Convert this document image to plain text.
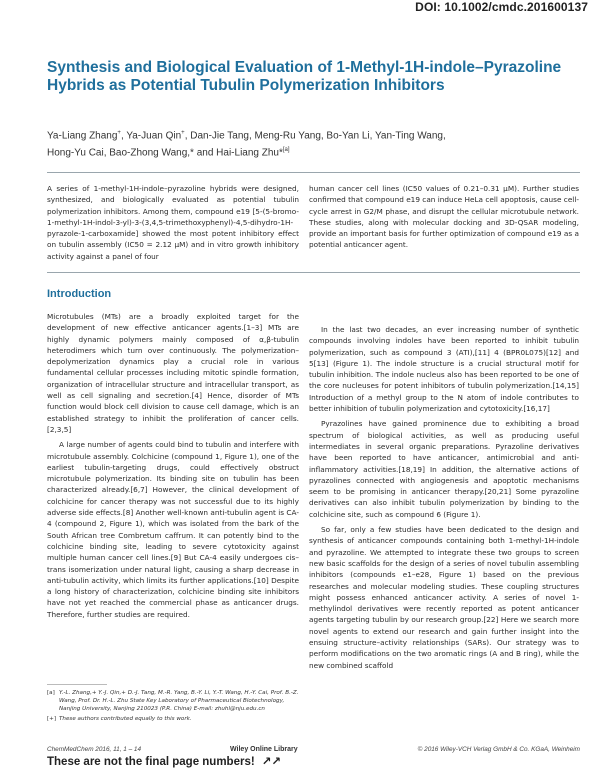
DOI: 10.1002/cmdc.201600137
Synthesis and Biological Evaluation of 1-Methyl-1H-indole–Pyrazoline Hybrids as Potential Tubulin Polymerization Inhibitors
Ya-Liang Zhang+, Ya-Juan Qin+, Dan-Jie Tang, Meng-Ru Yang, Bo-Yan Li, Yan-Ting Wang,
Hong-Yu Cai, Bao-Zhong Wang,* and Hai-Liang Zhu*[a]

A series of 1-methyl-1H-indole–pyrazoline hybrids were designed, synthesized, and biologically evaluated as potential tubulin polymerization inhibitors. Among them, compound e19 [5-(5-bromo-1-methyl-1H-indol-3-yl)-3-(3,4,5-trimethoxyphenyl)-4,5-dihydro-1H-pyrazole-1-carboxamide] showed the most potent inhibitory effect on tubulin assembly (IC50 = 2.12 μM) and in vitro growth inhibitory activity against a panel of four

human cancer cell lines (IC50 values of 0.21–0.31 μM). Further studies confirmed that compound e19 can induce HeLa cell apoptosis, cause cell-cycle arrest in G2/M phase, and disrupt the cellular microtubule network. These studies, along with molecular docking and 3D-QSAR modeling, provide an important basis for further optimization of compound e19 as a potential anticancer agent.

Introduction

Microtubules (MTs) are a broadly exploited target for the development of new effective anticancer agents.[1–3] MTs are highly dynamic polymers mainly composed of α,β-tubulin heterodimers which turn over continuously. The polymerization–depolymerization dynamics play a crucial role in various fundamental cellular processes including mitotic spindle formation, organization of intracellular structure and intracellular transport, as well as cell signaling and secretion.[4] Hence, disorder of MTs function would block cell division to cause cell damage, which is an established strategy to inhibit the proliferation of cancer cells.[2,3,5]

A large number of agents could bind to tubulin and interfere with microtubule assembly. Colchicine (compound 1, Figure 1), one of the earliest tubulin-targeting drugs, could effectively obstruct microtubule polymerization. Its binding site on tubulin has been characterized already.[6,7] However, the clinical development of colchicine for cancer therapy was not successful due to its highly adverse side effects.[8] Another well-known anti-tubulin agent is CA-4 (compound 2, Figure 1), which was isolated from the bark of the South African tree Combretum caffrum. It can potently bind to the colchicine binding site, leading to severe cytotoxicity against multiple human cancer cell lines.[9] But CA-4 easily undergoes cis–trans isomerization under natural light, causing a sharp decrease in anti-tubulin activity, which limits its further applications.[10] Despite a long history of characterization, colchicine binding site inhibitors have not yet reached the commercial phase as anticancer drugs. Therefore, further studies are required.

In the last two decades, an ever increasing number of synthetic compounds involving indoles have been reported to inhibit tubulin polymerization, such as compound 3 (ATI),[11] 4 (BPR0L075)[12] and 5[13] (Figure 1). The indole structure is a crucial structural motif for tubulin inhibition. The indole nucleus also has been reported to be one of the core nucleuses for potent inhibitors of tubulin polymerization.[14,15] Introduction of a methyl group to the N atom of indole contributes to better inhibition of tubulin polymerization and cytotoxicity.[16,17]

Pyrazolines have gained prominence due to exhibiting a broad spectrum of biological activities, as well as producing useful intermediates in several organic preparations. Pyrazoline derivatives have been reported to have anticancer, antimicrobial and anti-inflammatory activities.[18,19] In addition, the alternative actions of pyrazolines connected with angiogenesis and apoptotic mechanisms seem to be promising in anticancer therapy.[20,21] Some pyrazoline derivatives can also inhibit tubulin polymerization by binding to the colchicine site, such as compound 6 (Figure 1).

So far, only a few studies have been dedicated to the design and synthesis of anticancer compounds containing both 1-methyl-1H-indole and pyrazoline. We attempted to integrate these two groups to screen new basic scaffolds for the design of a series of novel tubulin assembling inhibitors (compounds e1–e28, Figure 1) based on the previous researches and molecular modeling studies. These coupling structures might possess enhanced anticancer activity. A series of novel 1-methylindol derivatives were recently reported as potent anticancer agents targeting tubulin by our research group.[22] Here we search more novel agents to extend our research and gain further insight into the ensuing structure–activity relationships (SARs). Our strategy was to perform modifications on the two aromatic rings (A and B ring), while the new combined scaffold

[a] Y.-L. Zhang,+ Y.-J. Qin,+ D.-J. Tang, M.-R. Yang, B.-Y. Li, Y.-T. Wang, H.-Y. Cai, Prof. B.-Z. Wang, Prof. Dr. H.-L. Zhu State Key Laboratory of Pharmaceutical Biotechnology, Nanjing University, Nanjing 210023 (P.R. China) E-mail: zhuhl@nju.edu.cn
[+] These authors contributed equally to this work.
ChemMedChem 2016, 11, 1 – 14	Wiley Online Library	© 2016 Wiley-VCH Verlag GmbH & Co. KGaA, Weinheim
These are not the final page numbers! ↗↗
